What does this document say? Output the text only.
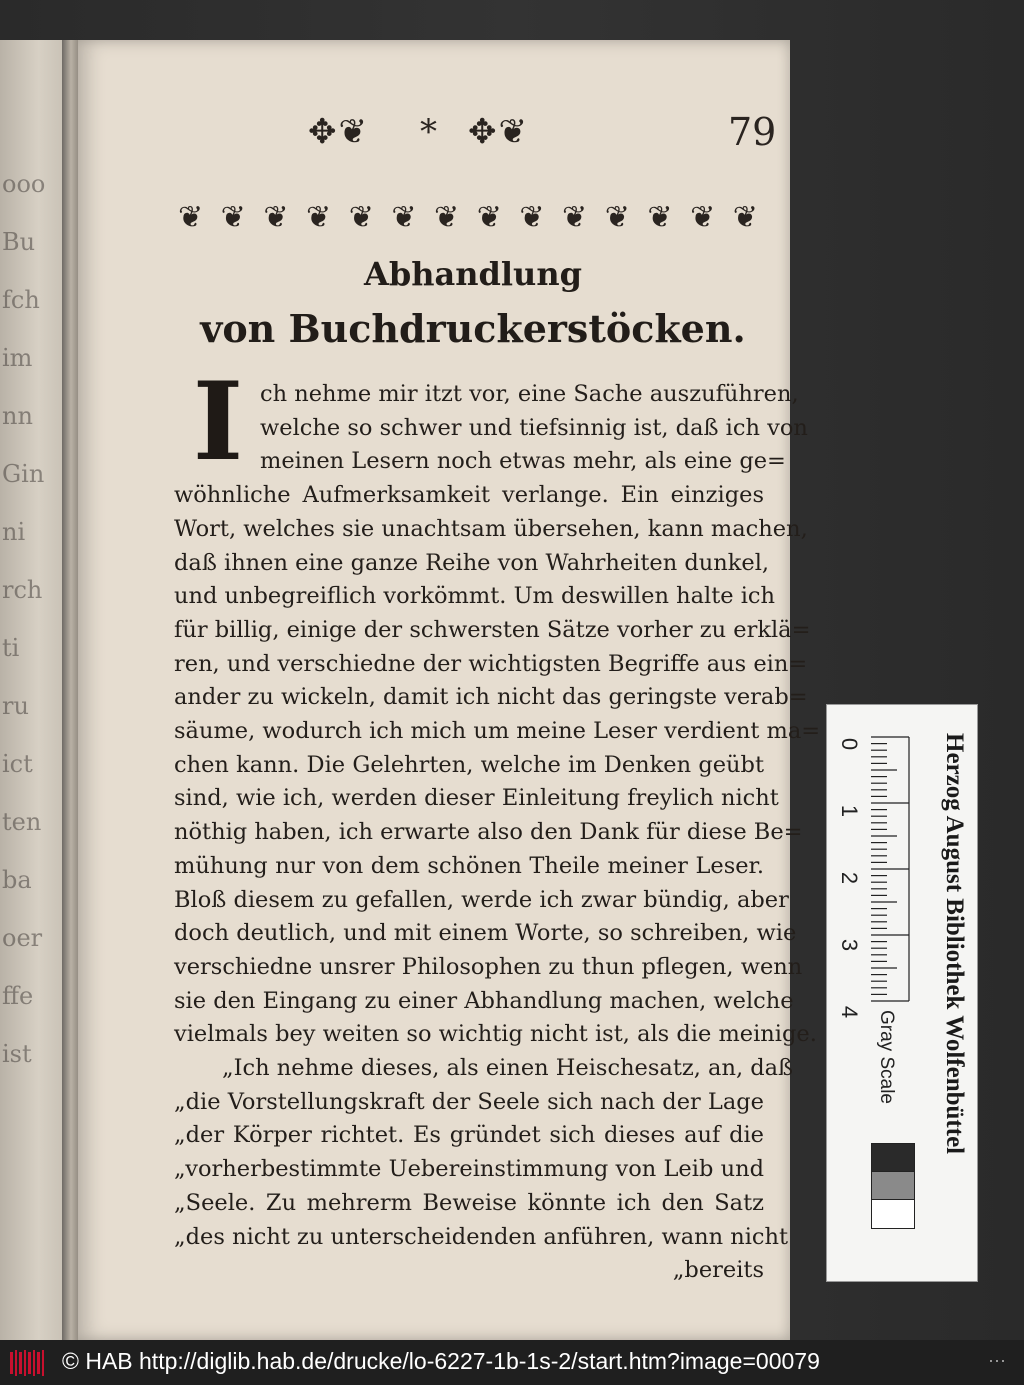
ooo
Bu
fch
im
nn
Gin
ni
rch
ti
ru
ict
ten
ba
oer
ffe
ist
✥❦ * ✥❦	79
❦ ❦ ❦ ❦ ❦ ❦ ❦ ❦ ❦ ❦ ❦ ❦ ❦ ❦
Abhandlung
von Buchdruckerstöcken.
I ch nehme mir itzt vor, eine Sache auszuführen,
welche so schwer und tiefsinnig ist, daß ich von
meinen Lesern noch etwas mehr, als eine ge=
wöhnliche Aufmerksamkeit verlange. Ein einziges
Wort, welches sie unachtsam übersehen, kann machen,
daß ihnen eine ganze Reihe von Wahrheiten dunkel,
und unbegreiflich vorkömmt. Um deswillen halte ich
für billig, einige der schwersten Sätze vorher zu erklä=
ren, und verschiedne der wichtigsten Begriffe aus ein=
ander zu wickeln, damit ich nicht das geringste verab=
säume, wodurch ich mich um meine Leser verdient ma=
chen kann. Die Gelehrten, welche im Denken geübt
sind, wie ich, werden dieser Einleitung freylich nicht
nöthig haben, ich erwarte also den Dank für diese Be=
mühung nur von dem schönen Theile meiner Leser.
Bloß diesem zu gefallen, werde ich zwar bündig, aber
doch deutlich, und mit einem Worte, so schreiben, wie
verschiedne unsrer Philosophen zu thun pflegen, wenn
sie den Eingang zu einer Abhandlung machen, welche
vielmals bey weiten so wichtig nicht ist, als die meinige.
„Ich nehme dieses, als einen Heischesatz, an, daß
„die Vorstellungskraft der Seele sich nach der Lage
„der Körper richtet. Es gründet sich dieses auf die
„vorherbestimmte Uebereinstimmung von Leib und
„Seele. Zu mehrerm Beweise könnte ich den Satz
„des nicht zu unterscheidenden anführen, wann nicht
„bereits
Herzog August Bibliothek Wolfenbüttel
0
1
2
3
4 Gray Scale
© HAB http://diglib.hab.de/drucke/lo-6227-1b-1s-2/start.htm?image=00079	···
